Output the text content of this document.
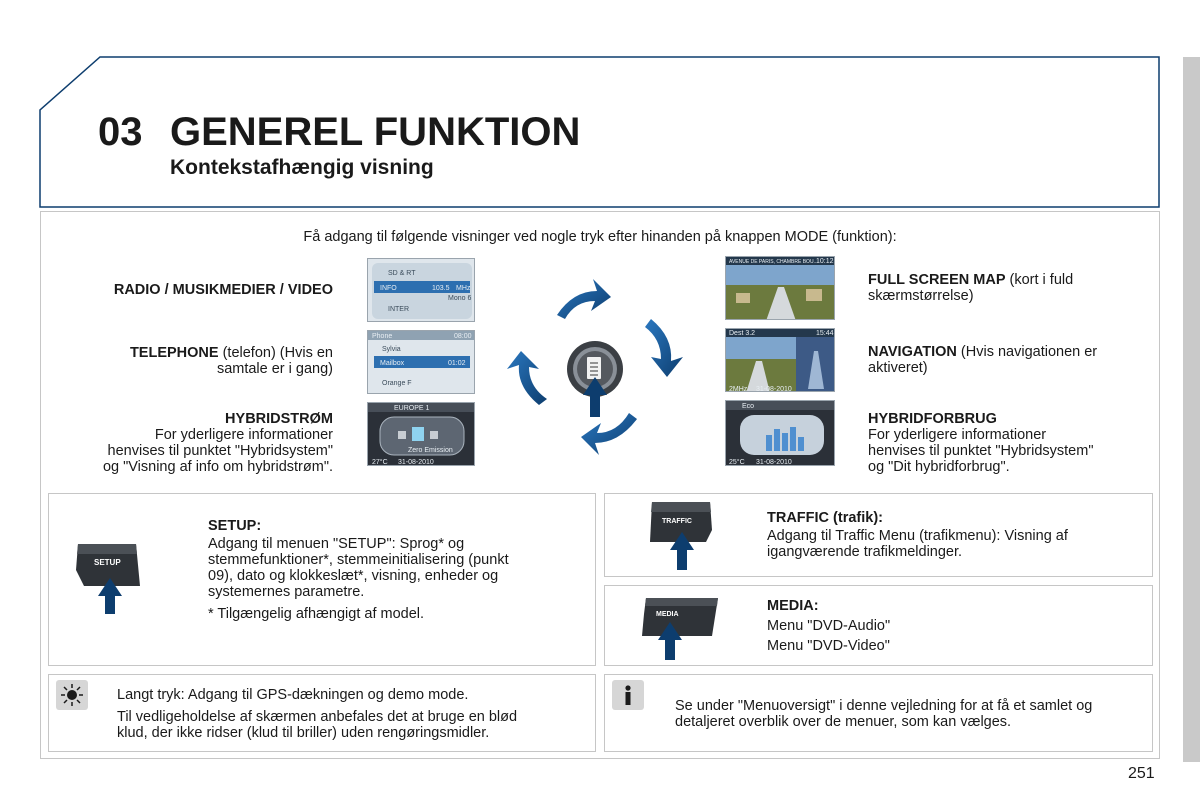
03 GENEREL FUNKTION
Kontekstafhængig visning
Få adgang til følgende visninger ved nogle tryk efter hinanden på knappen MODE (funktion):
RADIO / MUSIKMEDIER / VIDEO
TELEPHONE (telefon) (Hvis en
samtale er i gang)
HYBRIDSTRØM
For yderligere informationer
henvises til punktet "Hybridsystem"
og "Visning af info om hybridstrøm".
SD & RT
INFO	103.5 MHz
Mono 6
INTER
Phone	08:00
Sylvia
Mailbox	01:02
Orange F
EUROPE 1
Zero Emission
27°C 31-08-2010
AVENUE DE PARIS, CHAMBRE BOU...
10:12
Dest 3.2	15:44
2MHz 31-08-2010
Eco
25°C 31-08-2010
FULL SCREEN MAP (kort i fuld
skærmstørrelse)
NAVIGATION (Hvis navigationen er
aktiveret)
HYBRIDFORBRUG
For yderligere informationer
henvises til punktet "Hybridsystem"
og "Dit hybridforbrug".
SETUP
SETUP:
Adgang til menuen "SETUP": Sprog* og
stemmefunktioner*, stemmeinitialisering (punkt
09), dato og klokkeslæt*, visning, enheder og
systemernes parametre.
* Tilgængelig afhængigt af model.
TRAFFIC	TRAFFIC (trafik):
Adgang til Traffic Menu (trafikmenu): Visning af
igangværende trafikmeldinger.
MEDIA
MEDIA:
Menu "DVD-Audio"
Menu "DVD-Video"
Langt tryk: Adgang til GPS-dækningen og demo mode.
Til vedligeholdelse af skærmen anbefales det at bruge en blød
klud, der ikke ridser (klud til briller) uden rengøringsmidler.
Se under "Menuoversigt" i denne vejledning for at få et samlet og
detaljeret overblik over de menuer, som kan vælges.
251
